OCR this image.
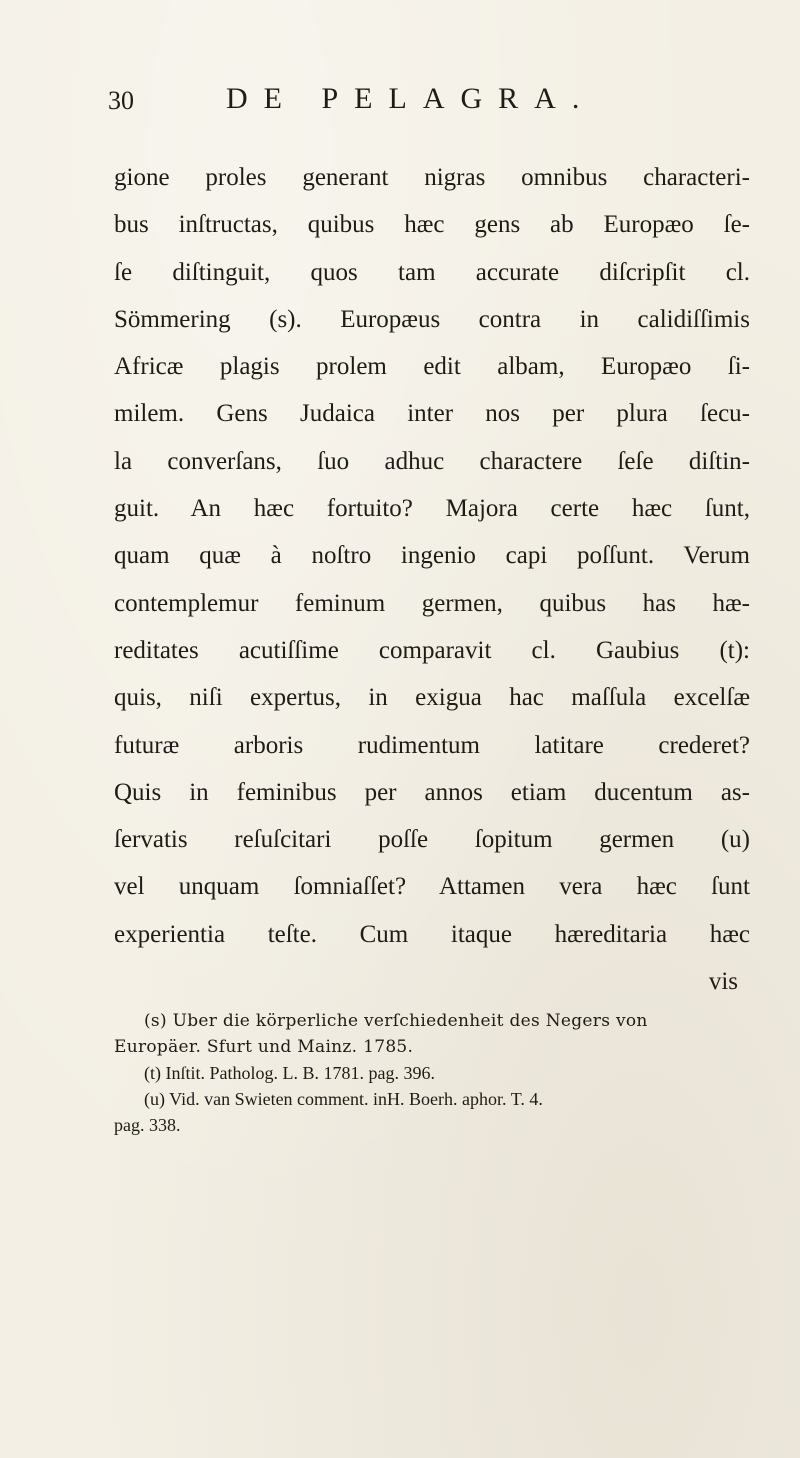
30	DE PELAGRA.
gione proles generant nigras omnibus characteri-
bus inſtructas, quibus hæc gens ab Europæo ſe-
ſe diſtinguit, quos tam accurate diſcripſit cl.
Sömmering (s). Europæus contra in calidiſſimis
Africæ plagis prolem edit albam, Europæo ſi-
milem. Gens Judaica inter nos per plura ſecu-
la converſans, ſuo adhuc charactere ſeſe diſtin-
guit. An hæc fortuito? Majora certe hæc ſunt,
quam quæ à noſtro ingenio capi poſſunt. Verum
contemplemur feminum germen, quibus has hæ-
reditates acutiſſime comparavit cl. Gaubius (t):
quis, niſi expertus, in exigua hac maſſula excelſæ
futuræ arboris rudimentum latitare crederet?
Quis in feminibus per annos etiam ducentum as-
ſervatis reſuſcitari poſſe ſopitum germen (u)
vel unquam ſomniaſſet? Attamen vera hæc ſunt
experientia teſte. Cum itaque hæreditaria hæc
vis
(s) Uber die körperliche verſchiedenheit des Negers von
Europäer. Sfurt und Mainz. 1785.
(t) Inſtit. Patholog. L. B. 1781. pag. 396.
(u) Vid. van Swieten comment. inH. Boerh. aphor. T. 4.
pag. 338.
